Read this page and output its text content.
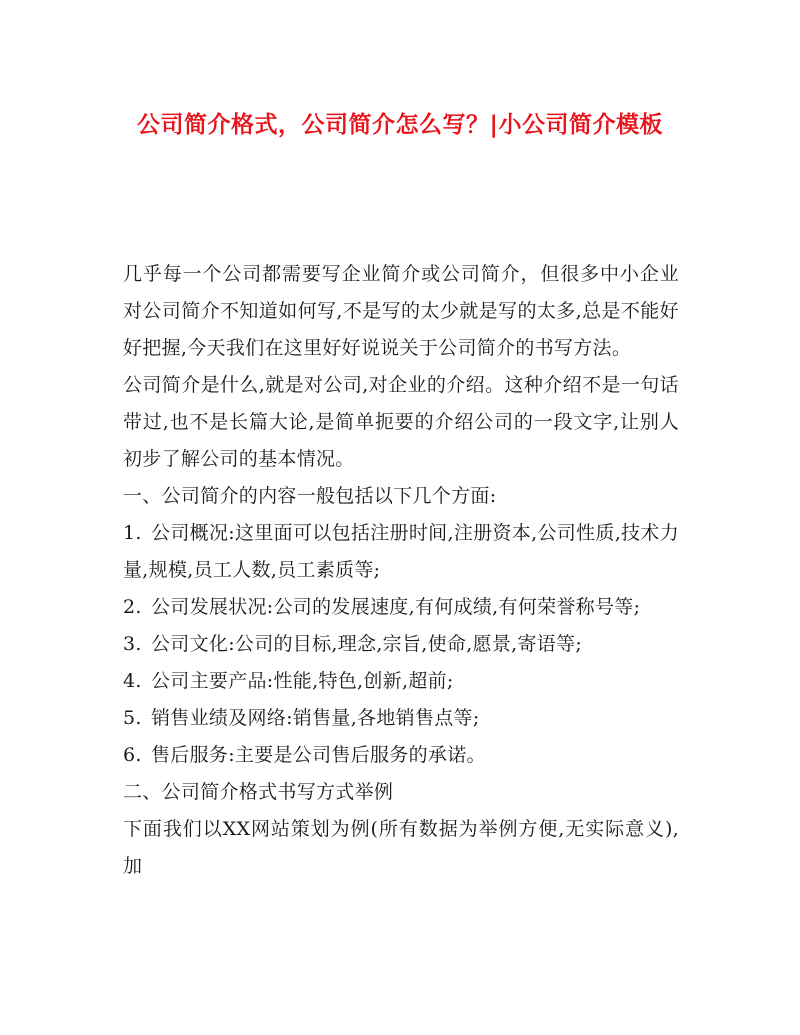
公司简介格式，公司简介怎么写？|小公司简介模板

几乎每一个公司都需要写企业简介或公司简介，但很多中小企业对公司简介不知道如何写,不是写的太少就是写的太多,总是不能好好把握,今天我们在这里好好说说关于公司简介的书写方法。

公司简介是什么,就是对公司,对企业的介绍。这种介绍不是一句话带过,也不是长篇大论,是简单扼要的介绍公司的一段文字,让别人初步了解公司的基本情况。

一、公司简介的内容一般包括以下几个方面:

1. 公司概况:这里面可以包括注册时间,注册资本,公司性质,技术力量,规模,员工人数,员工素质等;

2. 公司发展状况:公司的发展速度,有何成绩,有何荣誉称号等;

3. 公司文化:公司的目标,理念,宗旨,使命,愿景,寄语等;

4. 公司主要产品:性能,特色,创新,超前;

5. 销售业绩及网络:销售量,各地销售点等;

6. 售后服务:主要是公司售后服务的承诺。

二、公司简介格式书写方式举例

下面我们以XX网站策划为例(所有数据为举例方便,无实际意义),加
